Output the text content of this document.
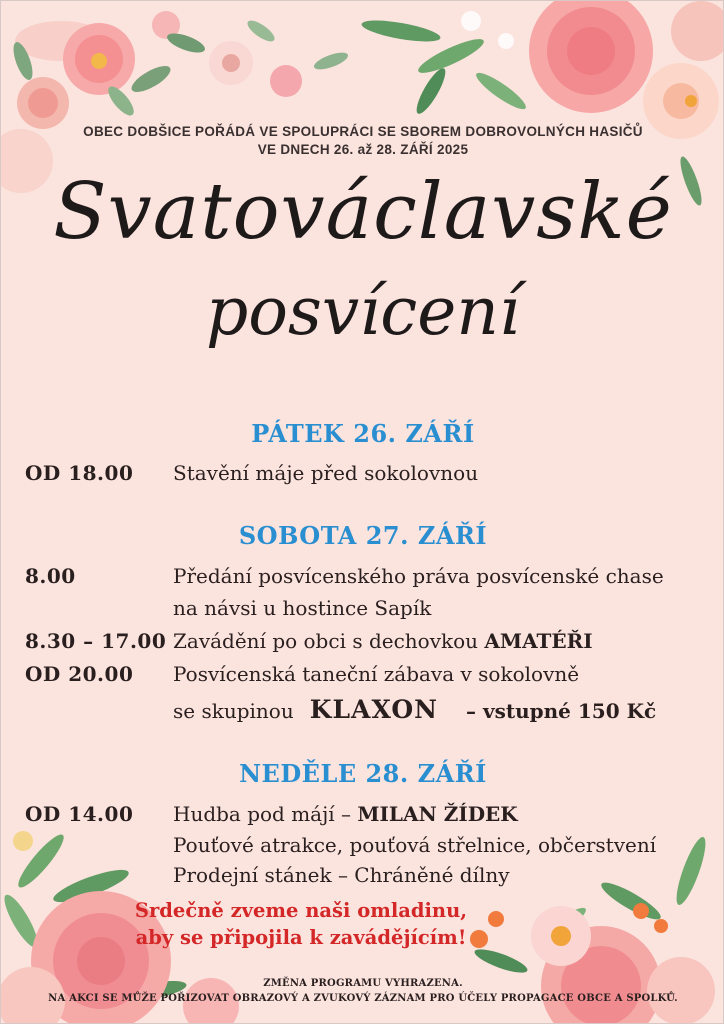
OBEC DOBŠICE POŘÁDÁ VE SPOLUPRÁCI SE SBOREM DOBROVOLNÝCH HASIČŮ
VE DNECH 26. až 28. ZÁŘÍ 2025
Svatováclavské
posvícení
PÁTEK 26. ZÁŘÍ
OD 18.00 Stavění máje před sokolovnou
SOBOTA 27. ZÁŘÍ
8.00	Předání posvícenského práva posvícenské chase
na návsi u hostince Sapík
8.30 – 17.00 Zavádění po obci s dechovkou AMATÉŘI
OD 20.00 Posvícenská taneční zábava v sokolovně
se skupinou KLAXON – vstupné 150 Kč
NEDĚLE 28. ZÁŘÍ
OD 14.00 Hudba pod májí – MILAN ŽÍDEK
Pouťové atrakce, pouťová střelnice, občerstvení
Prodejní stánek – Chráněné dílny
Srdečně zveme naši omladinu,
aby se připojila k zavádějícím!
ZMĚNA PROGRAMU VYHRAZENA.
NA AKCI SE MŮŽE POŘIZOVAT OBRAZOVÝ A ZVUKOVÝ ZÁZNAM PRO ÚČELY PROPAGACE OBCE A SPOLKŮ.
